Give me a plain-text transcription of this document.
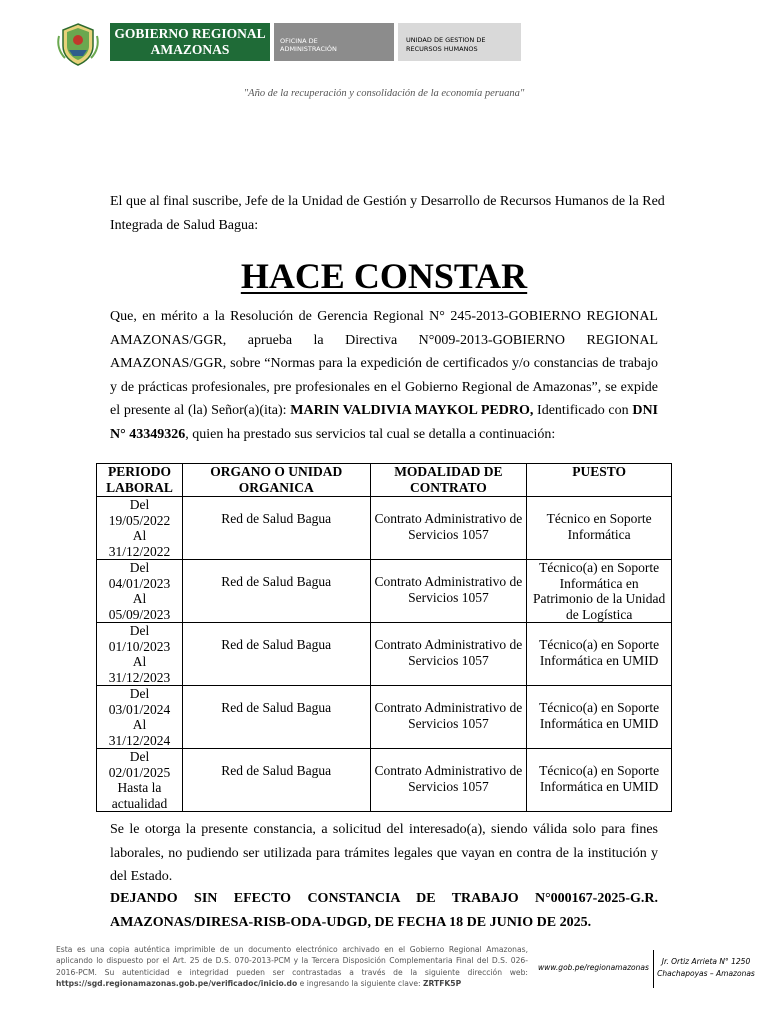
GOBIERNO REGIONAL
AMAZONAS
OFICINA DE
ADMINISTRACIÓN
UNIDAD DE GESTION DE
RECURSOS HUMANOS
"Año de la recuperación y consolidación de la economía peruana"
El que al final suscribe, Jefe de la Unidad de Gestión y Desarrollo de Recursos Humanos de la Red Integrada de Salud Bagua:
HACE CONSTAR
Que, en mérito a la Resolución de Gerencia Regional N° 245-2013-GOBIERNO REGIONAL AMAZONAS/GGR, aprueba la Directiva N°009-2013-GOBIERNO REGIONAL AMAZONAS/GGR, sobre “Normas para la expedición de certificados y/o constancias de trabajo y de prácticas profesionales, pre profesionales en el Gobierno Regional de Amazonas”, se expide el presente al (la) Señor(a)(ita): MARIN VALDIVIA MAYKOL PEDRO, Identificado con DNI N° 43349326, quien ha prestado sus servicios tal cual se detalla a continuación:
PERIODO LABORAL	ORGANO O UNIDAD ORGANICA	MODALIDAD DE CONTRATO	PUESTO

Del
19/05/2022
Al
31/12/2022	Red de Salud Bagua	Contrato Administrativo de Servicios 1057	Técnico en Soporte Informática

Del
04/01/2023
Al
05/09/2023	Red de Salud Bagua	Contrato Administrativo de Servicios 1057	Técnico(a) en Soporte Informática en Patrimonio de la Unidad de Logística

Del
01/10/2023
Al
31/12/2023	Red de Salud Bagua	Contrato Administrativo de Servicios 1057	Técnico(a) en Soporte Informática en UMID

Del
03/01/2024
Al
31/12/2024	Red de Salud Bagua	Contrato Administrativo de Servicios 1057	Técnico(a) en Soporte Informática en UMID

Del
02/01/2025
Hasta la
actualidad	Red de Salud Bagua	Contrato Administrativo de Servicios 1057	Técnico(a) en Soporte Informática en UMID
Se le otorga la presente constancia, a solicitud del interesado(a), siendo válida solo para fines laborales, no pudiendo ser utilizada para trámites legales que vayan en contra de la institución y del Estado.
DEJANDO SIN EFECTO CONSTANCIA DE TRABAJO N°000167-2025-G.R. AMAZONAS/DIRESA-RISB-ODA-UDGD, DE FECHA 18 DE JUNIO DE 2025.
Esta es una copia auténtica imprimible de un documento electrónico archivado en el Gobierno Regional Amazonas, aplicando lo dispuesto por el Art. 25 de D.S. 070-2013-PCM y la Tercera Disposición Complementaria Final del D.S. 026-2016-PCM. Su autenticidad e integridad pueden ser contrastadas a través de la siguiente dirección web: https://sgd.regionamazonas.gob.pe/verificadoc/inicio.do e ingresando la siguiente clave: ZRTFK5P
www.gob.pe/regionamazonas
Jr. Ortiz Arrieta N° 1250
Chachapoyas – Amazonas
